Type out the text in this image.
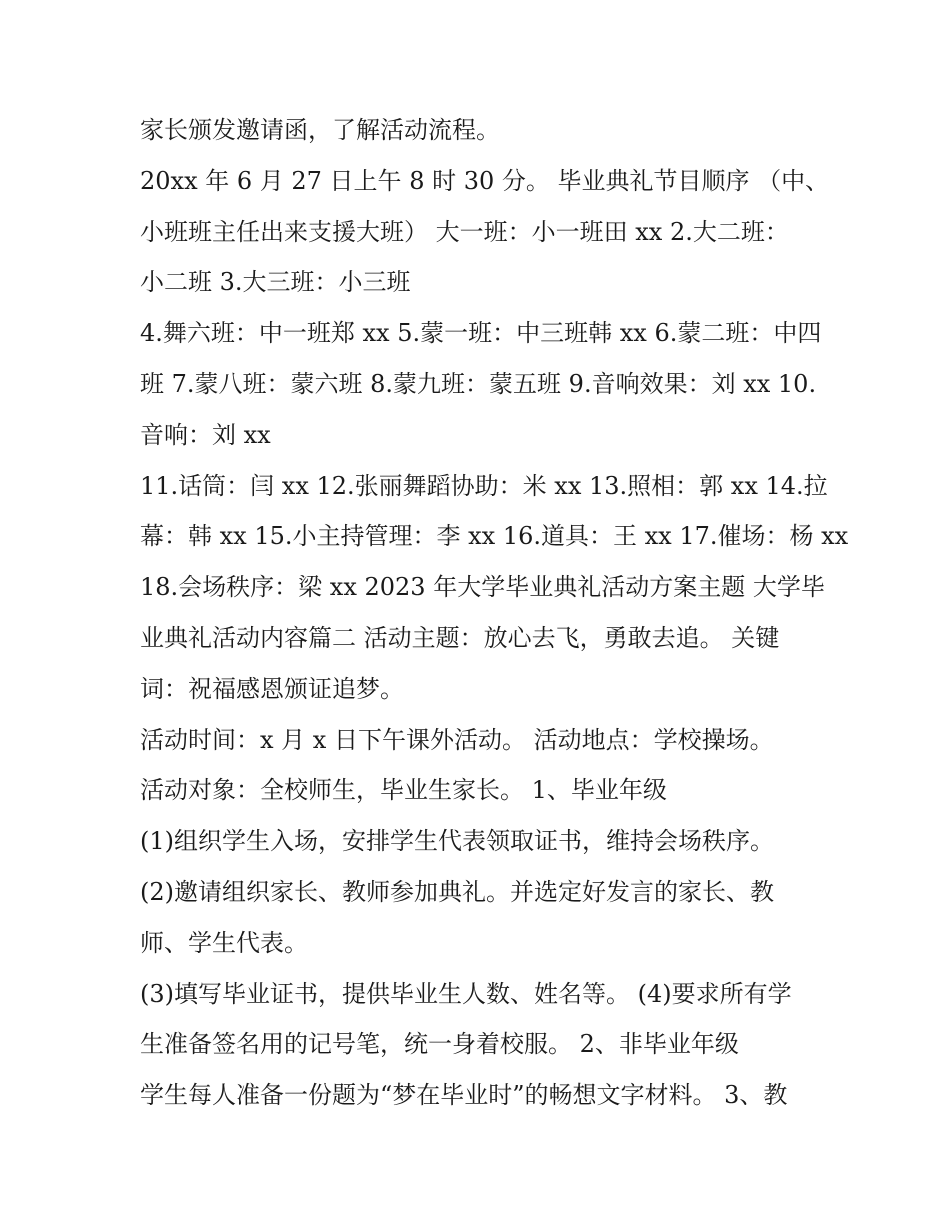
家长颁发邀请函，了解活动流程。
20xx 年 6 月 27 日上午 8 时 30 分。 毕业典礼节目顺序 （中、
小班班主任出来支援大班） 大一班：小一班田 xx 2.大二班：
小二班 3.大三班：小三班
4.舞六班：中一班郑 xx 5.蒙一班：中三班韩 xx 6.蒙二班：中四
班 7.蒙八班：蒙六班 8.蒙九班：蒙五班 9.音响效果：刘 xx 10.
音响：刘 xx
11.话筒：闫 xx 12.张丽舞蹈协助：米 xx 13.照相：郭 xx 14.拉
幕：韩 xx 15.小主持管理：李 xx 16.道具：王 xx 17.催场：杨 xx
18.会场秩序：梁 xx 2023 年大学毕业典礼活动方案主题 大学毕
业典礼活动内容篇二 活动主题：放心去飞，勇敢去追。 关键
词：祝福感恩颁证追梦。
活动时间：x 月 x 日下午课外活动。 活动地点：学校操场。
活动对象：全校师生，毕业生家长。 1、毕业年级
(1)组织学生入场，安排学生代表领取证书，维持会场秩序。
(2)邀请组织家长、教师参加典礼。并选定好发言的家长、教
师、学生代表。
(3)填写毕业证书，提供毕业生人数、姓名等。 (4)要求所有学
生准备签名用的记号笔，统一身着校服。 2、非毕业年级
学生每人准备一份题为“梦在毕业时”的畅想文字材料。 3、教
